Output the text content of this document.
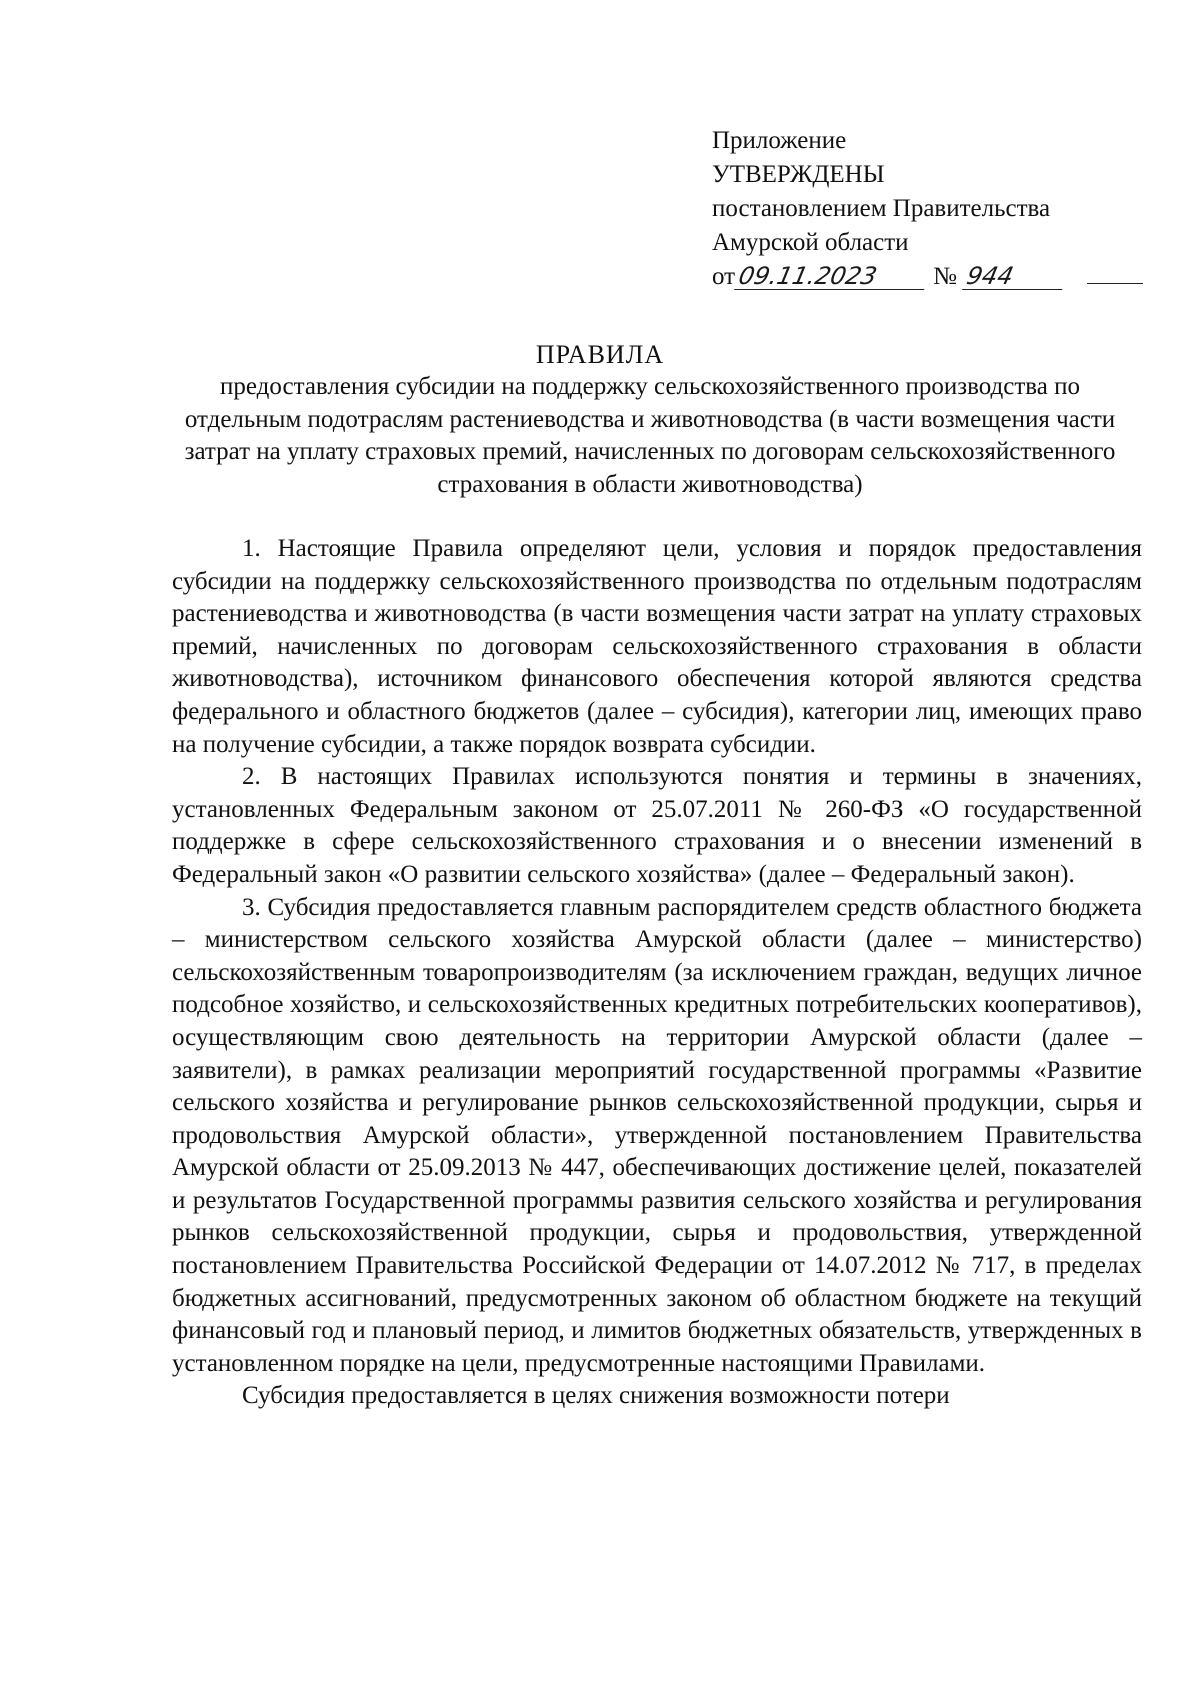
Приложение
УТВЕРЖДЕНЫ
постановлением Правительства
Амурской области
от09.11.2023 № 944
ПРАВИЛА
предоставления субсидии на поддержку сельскохозяйственного производства по отдельным подотраслям растениеводства и животноводства (в части возмещения части затрат на уплату страховых премий, начисленных по договорам сельскохозяйственного страхования в области животноводства)

1. Настоящие Правила определяют цели, условия и порядок предоставления субсидии на поддержку сельскохозяйственного производства по отдельным подотраслям растениеводства и животноводства (в части возмещения части затрат на уплату страховых премий, начисленных по договорам сельскохозяйственного страхования в области животноводства), источником финансового обеспечения которой являются средства федерального и областного бюджетов (далее – субсидия), категории лиц, имеющих право на получение субсидии, а также порядок возврата субсидии.

2. В настоящих Правилах используются понятия и термины в значениях, установленных Федеральным законом от 25.07.2011 № 260-ФЗ «О государственной поддержке в сфере сельскохозяйственного страхования и о внесении изменений в Федеральный закон «О развитии сельского хозяйства» (далее – Федеральный закон).

3. Субсидия предоставляется главным распорядителем средств областного бюджета – министерством сельского хозяйства Амурской области (далее – министерство) сельскохозяйственным товаропроизводителям (за исключением граждан, ведущих личное подсобное хозяйство, и сельскохозяйственных кредитных потребительских кооперативов), осуществляющим свою деятельность на территории Амурской области (далее – заявители), в рамках реализации мероприятий государственной программы «Развитие сельского хозяйства и регулирование рынков сельскохозяйственной продукции, сырья и продовольствия Амурской области», утвержденной постановлением Правительства Амурской области от 25.09.2013 № 447, обеспечивающих достижение целей, показателей и результатов Государственной программы развития сельского хозяйства и регулирования рынков сельскохозяйственной продукции, сырья и продовольствия, утвержденной постановлением Правительства Российской Федерации от 14.07.2012 № 717, в пределах бюджетных ассигнований, предусмотренных законом об областном бюджете на текущий финансовый год и плановый период, и лимитов бюджетных обязательств, утвержденных в установленном порядке на цели, предусмотренные настоящими Правилами.

Субсидия предоставляется в целях снижения возможности потери
